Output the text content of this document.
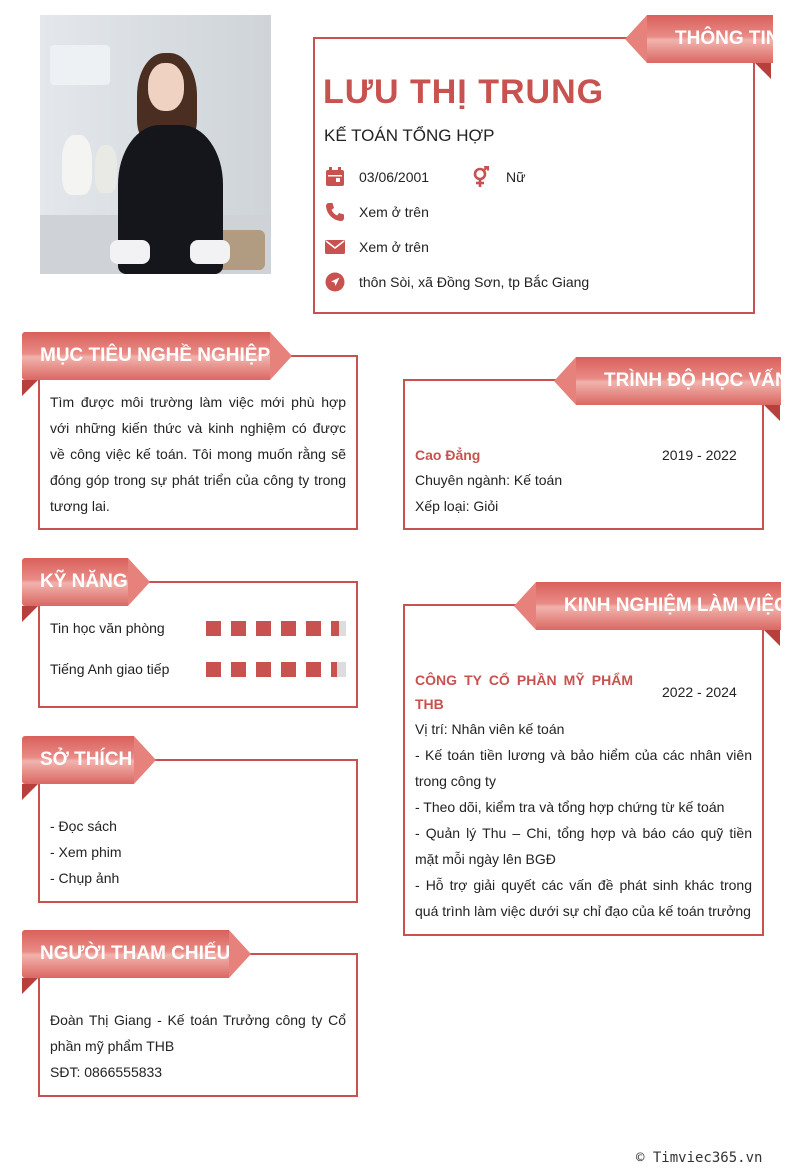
THÔNG TIN
LƯU THỊ TRUNG
KẾ TOÁN TỔNG HỢP
03/06/2001	Nữ
Xem ở trên
Xem ở trên
thôn Sòi, xã Đồng Sơn, tp Bắc Giang
MỤC TIÊU NGHỀ NGHIỆP
Tìm được môi trường làm việc mới phù hợp với những kiến thức và kinh nghiệm có được về công việc kế toán. Tôi mong muốn rằng sẽ đóng góp trong sự phát triển của công ty trong tương lai.
TRÌNH ĐỘ HỌC VẤN
Cao Đẳng	2019 - 2022
Chuyên ngành: Kế toán
Xếp loại: Giỏi
KỸ NĂNG
Tin học văn phòng
Tiếng Anh giao tiếp
KINH NGHIỆM LÀM VIỆC
CÔNG TY CỔ PHẦN MỸ PHẨM THB
2022 - 2024
Vị trí: Nhân viên kế toán
- Kế toán tiền lương và bảo hiểm của các nhân viên trong công ty
- Theo dõi, kiểm tra và tổng hợp chứng từ kế toán
- Quản lý Thu – Chi, tổng hợp và báo cáo quỹ tiền mặt mỗi ngày lên BGĐ
- Hỗ trợ giải quyết các vấn đề phát sinh khác trong quá trình làm việc dưới sự chỉ đạo của kế toán trưởng
SỞ THÍCH
- Đọc sách
- Xem phim
- Chụp ảnh
NGƯỜI THAM CHIẾU
Đoàn Thị Giang - Kế toán Trưởng công ty Cổ phần mỹ phẩm THB
SĐT: 0866555833
© Timviec365.vn
